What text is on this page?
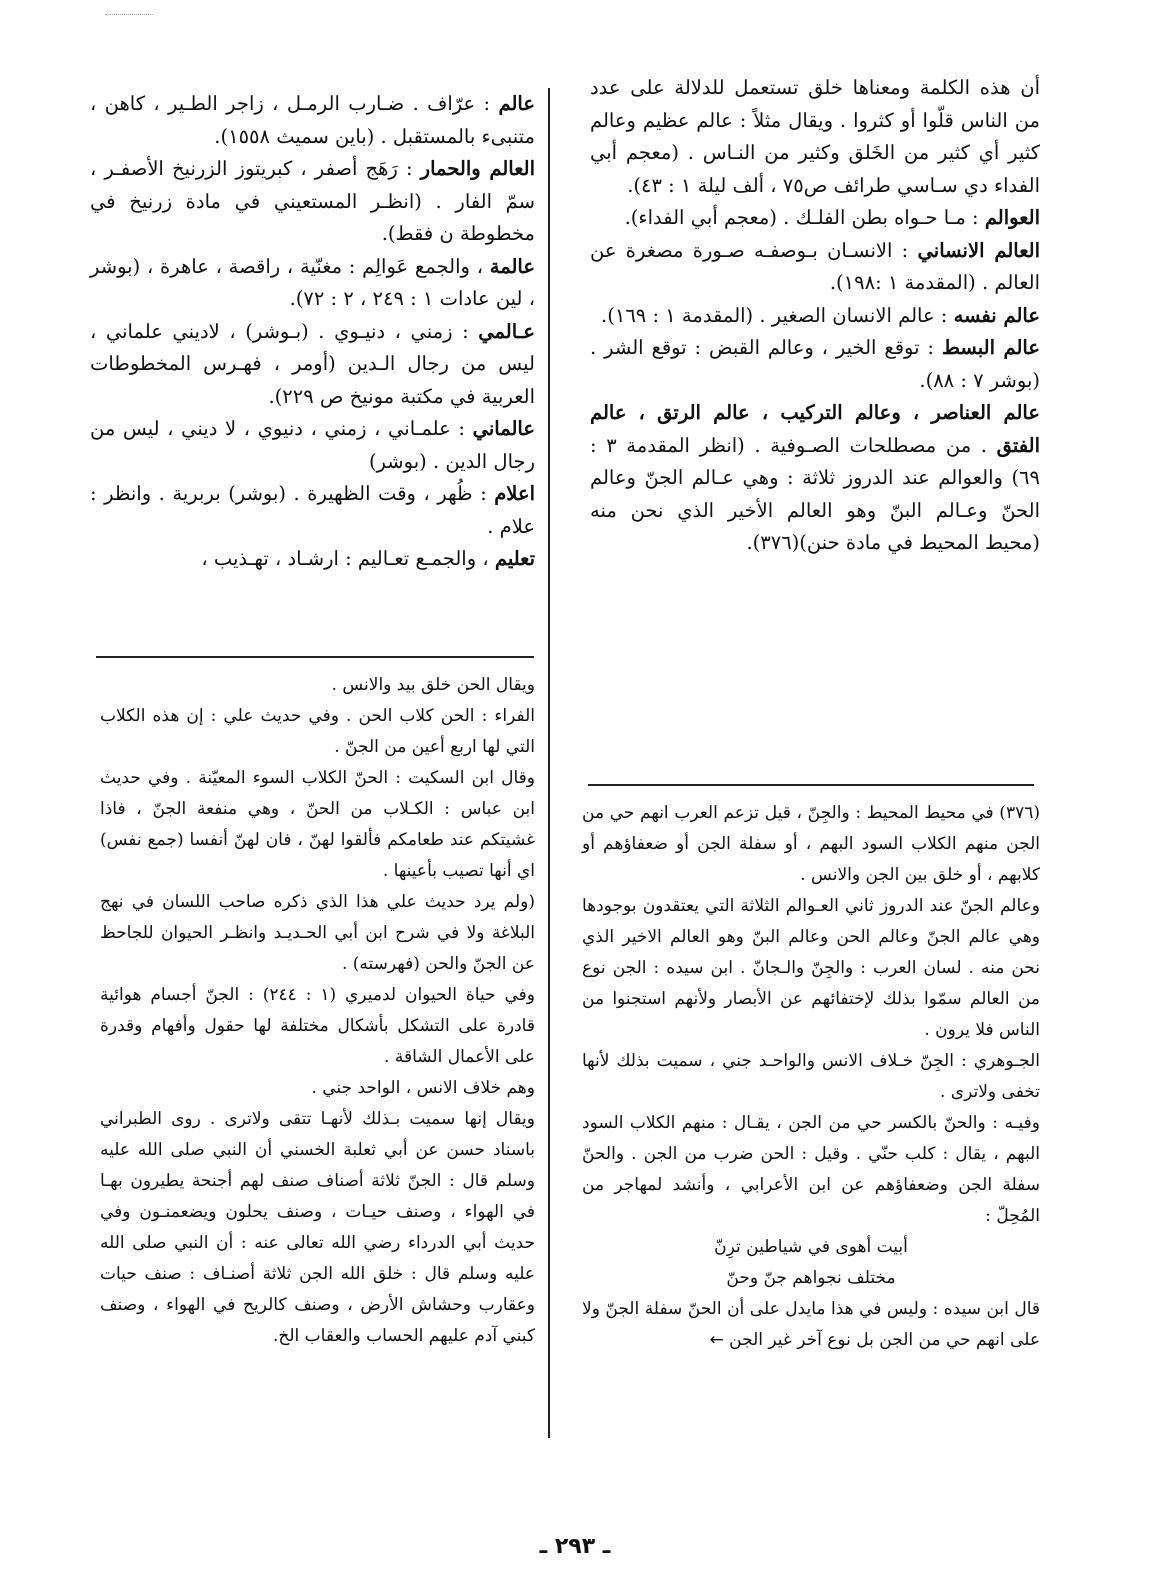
أن هذه الكلمة ومعناها خلق تستعمل للدلالة على عدد من الناس قلّوا أو كثروا . ويقال مثلاً : عالم عظيم وعالم كثير أي كثير من الخَلق وكثير من النـاس . (معجم أبي الفداء دي سـاسي طرائف ص٧٥ ، ألف ليلة ١ : ٤٣).

العوالم : مـا حـواه بطن الفلـك . (معجم أبي الفداء).

العالم الانساني : الانسـان بـوصفـه صـورة مصغرة عن العالم . (المقدمة ١ :١٩٨).

عالم نفسه : عالم الانسان الصغير . (المقدمة ١ : ١٦٩).

عالم البسط : توقع الخير ، وعالم القبض : توقع الشر . (بوشر ٧ : ٨٨).

عالم العناصر ، وعالم التركيب ، عالم الرتق ، عالم الفتق . من مصطلحات الصـوفية . (انظر المقدمة ٣ : ٦٩) والعوالم عند الدروز ثلاثة : وهي عـالم الجنّ وعالم الحنّ وعـالم البنّ وهو العالم الأخير الذي نحن منه (محيط المحيط في مادة حنن)(٣٧٦).

عالم : عرّاف . ضـارب الرمـل ، زاجر الطـير ، كاهن ، متنبىء بالمستقبل . (باين سميث ١٥٥٨).

العالم والحمار : رَهَج أصفر ، كبريتوز الزرنيخ الأصفـر ، سمّ الفار . (انظـر المستعيني في مادة زرنيخ في مخطوطة ن فقط).

عالمة ، والجمع عَوالِم : مغنّية ، راقصة ، عاهرة ، (بوشر ، لين عادات ١ : ٢٤٩ ، ٢ : ٧٢).

عـالمي : زمني ، دنيـوي . (بـوشر) ، لاديني علماني ، ليس من رجال الـدين (أومر ، فهـرس المخطوطات العربية في مكتبة مونيخ ص ٢٢٩).

عالماني : علمـاني ، زمني ، دنيوي ، لا ديني ، ليس من رجال الدين . (بوشر)

اعلام : ظُهر ، وقت الظهيرة . (بوشر) بربرية . وانظر : علام .

تعليم ، والجمـع تعـاليم : ارشـاد ، تهـذيب ،

(٣٧٦) في محيط المحيط : والجِنّ ، قيل تزعم العرب انهم حي من الجن منهم الكلاب السود البهم ، أو سفلة الجن أو ضعفاؤهم أو كلابهم ، أو خلق بين الجن والانس .

وعالم الجنّ عند الدروز ثاني العـوالم الثلاثة التي يعتقدون بوجودها وهي عالم الجنّ وعالم الحن وعالم البنّ وهو العالم الاخير الذي نحن منه . لسان العرب : والجِنّ والـجانّ . ابن سيده : الجن نوع من العالم سمّوا بذلك لإختفائهم عن الأبصار ولأنهم استجنوا من الناس فلا يرون .

الجـوهري : الجِنّ خـلاف الانس والواحـد جني ، سميت بذلك لأنها تخفى ولاترى .

وفيـه : والحنّ بالكسر حي من الجن ، يقـال : منهم الكلاب السود البهم ، يقال : كلب حنّي . وقيل : الحن ضرب من الجن . والحنّ سفلة الجن وضعفاؤهم عن ابن الأعرابي ، وأنشد لمهاجر من المُحِلّ :

أبيت أهوى في شياطين ترِنّ

مختلف نجواهم جنّ وحنّ

قال ابن سيده : وليس في هذا مايدل على أن الحنّ سفلة الجنّ ولا على انهم حي من الجن بل نوع آخر غير الجن ←

ويقال الحن خلق بيد والانس .

الفراء : الحن كلاب الحن . وفي حديث علي : إن هذه الكلاب التي لها اربع أعين من الجنّ .

وقال ابن السكيت : الحنّ الكلاب السوء المعيّنة . وفي حديث ابن عباس : الكـلاب من الحنّ ، وهي منفعة الجنّ ، فاذا غشيتكم عند طعامكم فألقوا لهنّ ، فان لهنّ أنفسا (جمع نفس) اي أنها تصيب بأعينها .

(ولم يرد حديث علي هذا الذي ذكره صاحب اللسان في نهج البلاغة ولا في شرح ابن أبي الحـديـد وانظـر الحيوان للجاحظ عن الجنّ والحن (فهرسته) .

وفي حياة الحيوان لدميري (١ : ٢٤٤) : الجنّ أجسام هوائية قادرة على التشكل بأشكال مختلفة لها حقول وأفهام وقدرة على الأعمال الشاقة .

وهم خلاف الانس ، الواحد جني .

ويقال إنها سميت بـذلك لأنهـا تتقى ولاترى . روى الطبراني باسناد حسن عن أبي ثعلبة الخسني أن النبي صلى الله عليه وسلم قال : الجنّ ثلاثة أصناف صنف لهم أجنحة يطيرون بهـا في الهواء ، وصنف حيـات ، وصنف يحلون ويضعمنـون وفي حديث أبي الدرداء رضي الله تعالى عنه : أن النبي صلى الله عليه وسلم قال : خلق الله الجن ثلاثة أصنـاف : صنف حيات وعقارب وحشاش الأرض ، وصنف كالريح في الهواء ، وصنف كبني آدم عليهم الحساب والعقاب الخ.

ـ ٢٩٣ ـ
